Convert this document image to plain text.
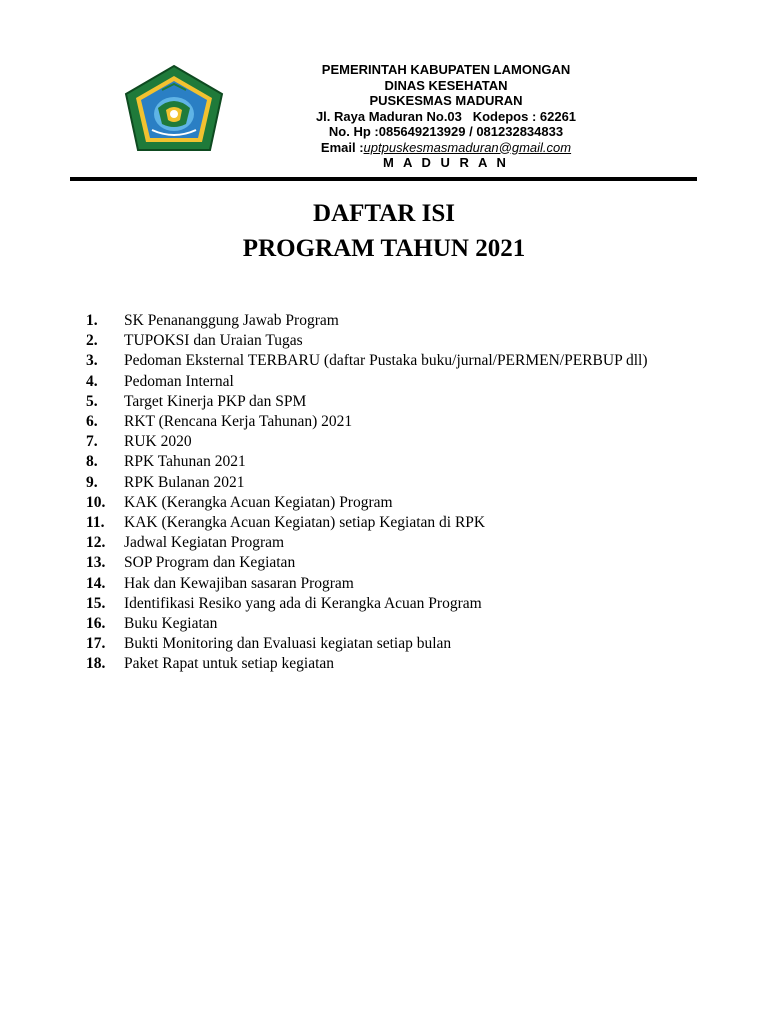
PEMERINTAH KABUPATEN LAMONGAN
DINAS KESEHATAN
PUSKESMAS MADURAN
Jl. Raya Maduran No.03   Kodepos : 62261
No. Hp :085649213929 / 081232834833
Email :uptpuskesmasmaduran@gmail.com
M A D U R A N
DAFTAR ISI
PROGRAM TAHUN 2021
1.	SK Penananggung Jawab Program
2.	TUPOKSI dan Uraian Tugas
3.	Pedoman Eksternal TERBARU (daftar Pustaka buku/jurnal/PERMEN/PERBUP dll)
4.	Pedoman Internal
5.	Target Kinerja PKP dan SPM
6.	RKT (Rencana Kerja Tahunan) 2021
7.	RUK 2020
8.	RPK Tahunan 2021
9.	RPK Bulanan 2021
10.	KAK (Kerangka Acuan Kegiatan) Program
11.	KAK (Kerangka Acuan Kegiatan) setiap Kegiatan di RPK
12.	Jadwal Kegiatan Program
13.	SOP Program dan Kegiatan
14.	Hak dan Kewajiban sasaran Program
15.	Identifikasi Resiko yang ada di Kerangka Acuan Program
16.	Buku Kegiatan
17.	Bukti Monitoring dan Evaluasi kegiatan setiap bulan
18.	Paket Rapat untuk setiap kegiatan
